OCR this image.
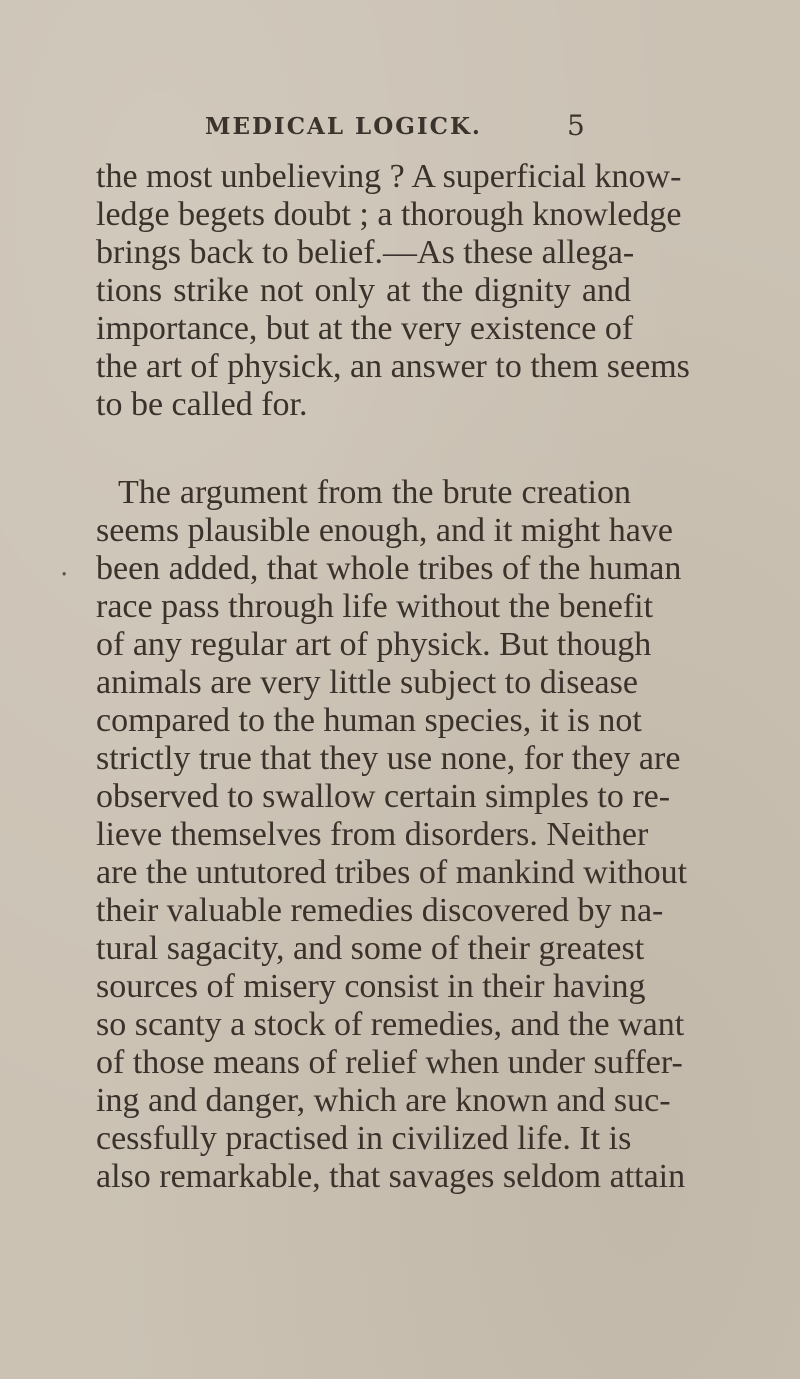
MEDICAL LOGICK.	5
.
the most unbelieving ? A superficial know-
ledge begets doubt ; a thorough knowledge
brings back to belief.—As these allega-
tions strike not only at the dignity and
importance, but at the very existence of
the art of physick, an answer to them seems
to be called for.
The argument from the brute creation
seems plausible enough, and it might have
been added, that whole tribes of the human
race pass through life without the benefit
of any regular art of physick. But though
animals are very little subject to disease
compared to the human species, it is not
strictly true that they use none, for they are
observed to swallow certain simples to re-
lieve themselves from disorders. Neither
are the untutored tribes of mankind without
their valuable remedies discovered by na-
tural sagacity, and some of their greatest
sources of misery consist in their having
so scanty a stock of remedies, and the want
of those means of relief when under suffer-
ing and danger, which are known and suc-
cessfully practised in civilized life. It is
also remarkable, that savages seldom attain
